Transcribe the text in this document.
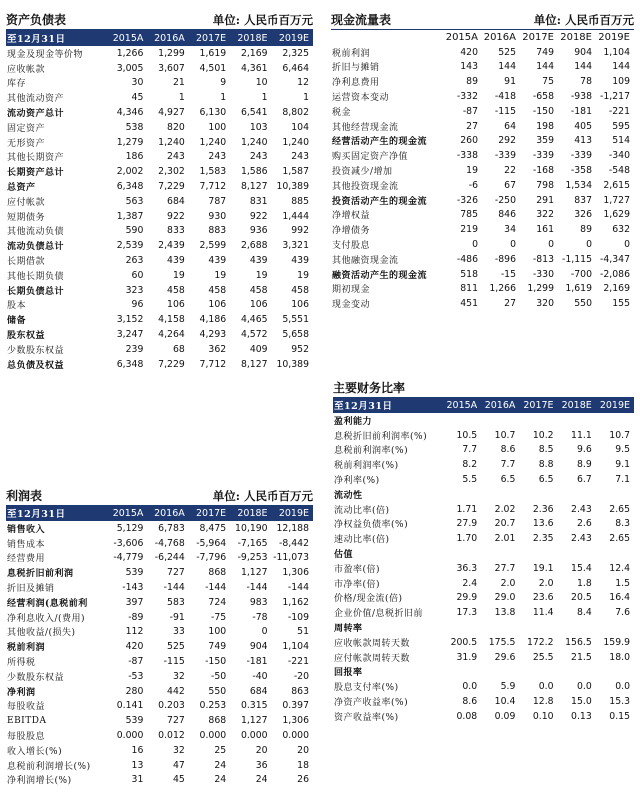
资产负债表	单位: 人民币百万元
至12月31日	2015A	2016A	2017E	2018E	2019E
现金及现金等价物	1,266	1,299	1,619	2,169	2,325
应收帐款	3,005	3,607	4,501	4,361	6,464
库存	30	21	9	10	12
其他流动资产	45	1	1	1	1
流动资产总计	4,346	4,927	6,130	6,541	8,802
固定资产	538	820	100	103	104
无形资产	1,279	1,240	1,240	1,240	1,240
其他长期资产	186	243	243	243	243
长期资产总计	2,002	2,302	1,583	1,586	1,587
总资产	6,348	7,229	7,712	8,127	10,389
应付帐款	563	684	787	831	885
短期债务	1,387	922	930	922	1,444
其他流动负债	590	833	883	936	992
流动负债总计	2,539	2,439	2,599	2,688	3,321
长期借款	263	439	439	439	439
其他长期负债	60	19	19	19	19
长期负债总计	323	458	458	458	458
股本	96	106	106	106	106
储备	3,152	4,158	4,186	4,465	5,551
股东权益	3,247	4,264	4,293	4,572	5,658
少数股东权益	239	68	362	409	952
总负债及权益	6,348	7,229	7,712	8,127	10,389
现金流量表	单位: 人民币百万元
	2015A	2016A	2017E	2018E	2019E
税前利润	420	525	749	904	1,104
折旧与摊销	143	144	144	144	144
净利息费用	89	91	75	78	109
运营资本变动	-332	-418	-658	-938	-1,217
税金	-87	-115	-150	-181	-221
其他经营现金流	27	64	198	405	595
经营活动产生的现金流	260	292	359	413	514
购买固定资产净值	-338	-339	-339	-339	-340
投资减少/增加	19	22	-168	-358	-548
其他投资现金流	-6	67	798	1,534	2,615
投资活动产生的现金流	-326	-250	291	837	1,727
净增权益	785	846	322	326	1,629
净增债务	219	34	161	89	632
支付股息	0	0	0	0	0
其他融资现金流	-486	-896	-813	-1,115	-4,347
融资活动产生的现金流	518	-15	-330	-700	-2,086
期初现金	811	1,266	1,299	1,619	2,169
现金变动	451	27	320	550	155
主要财务比率
至12月31日	2015A	2016A	2017E	2018E	2019E
盈利能力					
息税折旧前利润率(%)	10.5	10.7	10.2	11.1	10.7
息税前利润率(%)	7.7	8.6	8.5	9.6	9.5
税前利润率(%)	8.2	7.7	8.8	8.9	9.1
净利率(%)	5.5	6.5	6.5	6.7	7.1
流动性					
流动比率(倍)	1.71	2.02	2.36	2.43	2.65
净权益负债率(%)	27.9	20.7	13.6	2.6	8.3
速动比率(倍)	1.70	2.01	2.35	2.43	2.65
估值					
市盈率(倍)	36.3	27.7	19.1	15.4	12.4
市净率(倍)	2.4	2.0	2.0	1.8	1.5
价格/现金流(倍)	29.9	29.0	23.6	20.5	16.4
企业价值/息税折旧前	17.3	13.8	11.4	8.4	7.6
周转率					
应收帐款周转天数	200.5	175.5	172.2	156.5	159.9
应付帐款周转天数	31.9	29.6	25.5	21.5	18.0
回报率					
股息支付率(%)	0.0	5.9	0.0	0.0	0.0
净资产收益率(%)	8.6	10.4	12.8	15.0	15.3
资产收益率(%)	0.08	0.09	0.10	0.13	0.15
利润表	单位: 人民币百万元
至12月31日	2015A	2016A	2017E	2018E	2019E
销售收入	5,129	6,783	8,475	10,190	12,188
销售成本	-3,606	-4,768	-5,964	-7,165	-8,442
经营费用	-4,779	-6,244	-7,796	-9,253	-11,073
息税折旧前利润	539	727	868	1,127	1,306
折旧及摊销	-143	-144	-144	-144	-144
经营利润(息税前利	397	583	724	983	1,162
净利息收入/(费用)	-89	-91	-75	-78	-109
其他收益/(损失)	112	33	100	0	51
税前利润	420	525	749	904	1,104
所得税	-87	-115	-150	-181	-221
少数股东权益	-53	32	-50	-40	-20
净利润	280	442	550	684	863
每股收益	0.141	0.203	0.253	0.315	0.397
EBITDA	539	727	868	1,127	1,306
每股股息	0.000	0.012	0.000	0.000	0.000
收入增长(%)	16	32	25	20	20
息税前利润增长(%)	13	47	24	36	18
净利润增长(%)	31	45	24	24	26
